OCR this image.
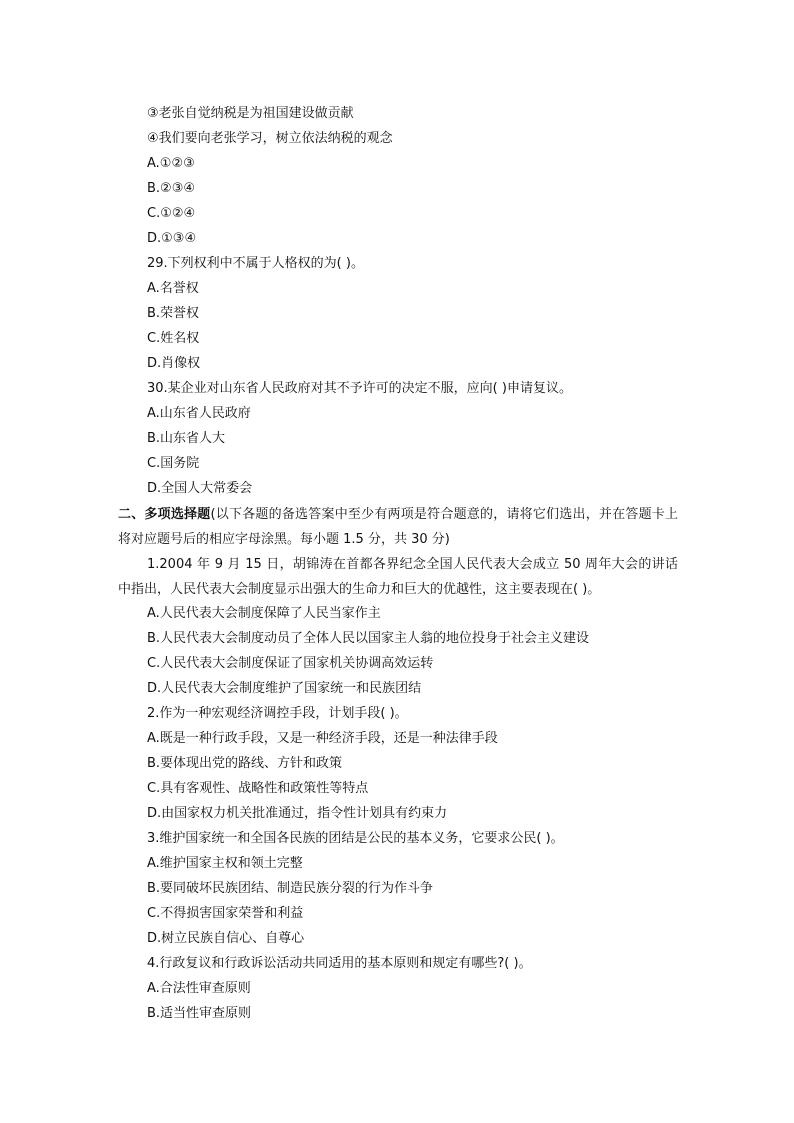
③老张自觉纳税是为祖国建设做贡献
④我们要向老张学习，树立依法纳税的观念
A.①②③
B.②③④
C.①②④
D.①③④
29.下列权利中不属于人格权的为( )。
A.名誉权
B.荣誉权
C.姓名权
D.肖像权
30.某企业对山东省人民政府对其不予许可的决定不服，应向( )申请复议。
A.山东省人民政府
B.山东省人大
C.国务院
D.全国人大常委会
二、多项选择题(以下各题的备选答案中至少有两项是符合题意的，请将它们选出，并在答题卡上将对应题号后的相应字母涂黑。每小题 1.5 分，共 30 分)
1.2004 年 9 月 15 日，胡锦涛在首都各界纪念全国人民代表大会成立 50 周年大会的讲话中指出，人民代表大会制度显示出强大的生命力和巨大的优越性，这主要表现在( )。
A.人民代表大会制度保障了人民当家作主
B.人民代表大会制度动员了全体人民以国家主人翁的地位投身于社会主义建设
C.人民代表大会制度保证了国家机关协调高效运转
D.人民代表大会制度维护了国家统一和民族团结
2.作为一种宏观经济调控手段，计划手段( )。
A.既是一种行政手段，又是一种经济手段，还是一种法律手段
B.要体现出党的路线、方针和政策
C.具有客观性、战略性和政策性等特点
D.由国家权力机关批准通过，指令性计划具有约束力
3.维护国家统一和全国各民族的团结是公民的基本义务，它要求公民( )。
A.维护国家主权和领土完整
B.要同破坏民族团结、制造民族分裂的行为作斗争
C.不得损害国家荣誉和利益
D.树立民族自信心、自尊心
4.行政复议和行政诉讼活动共同适用的基本原则和规定有哪些?( )。
A.合法性审查原则
B.适当性审查原则
